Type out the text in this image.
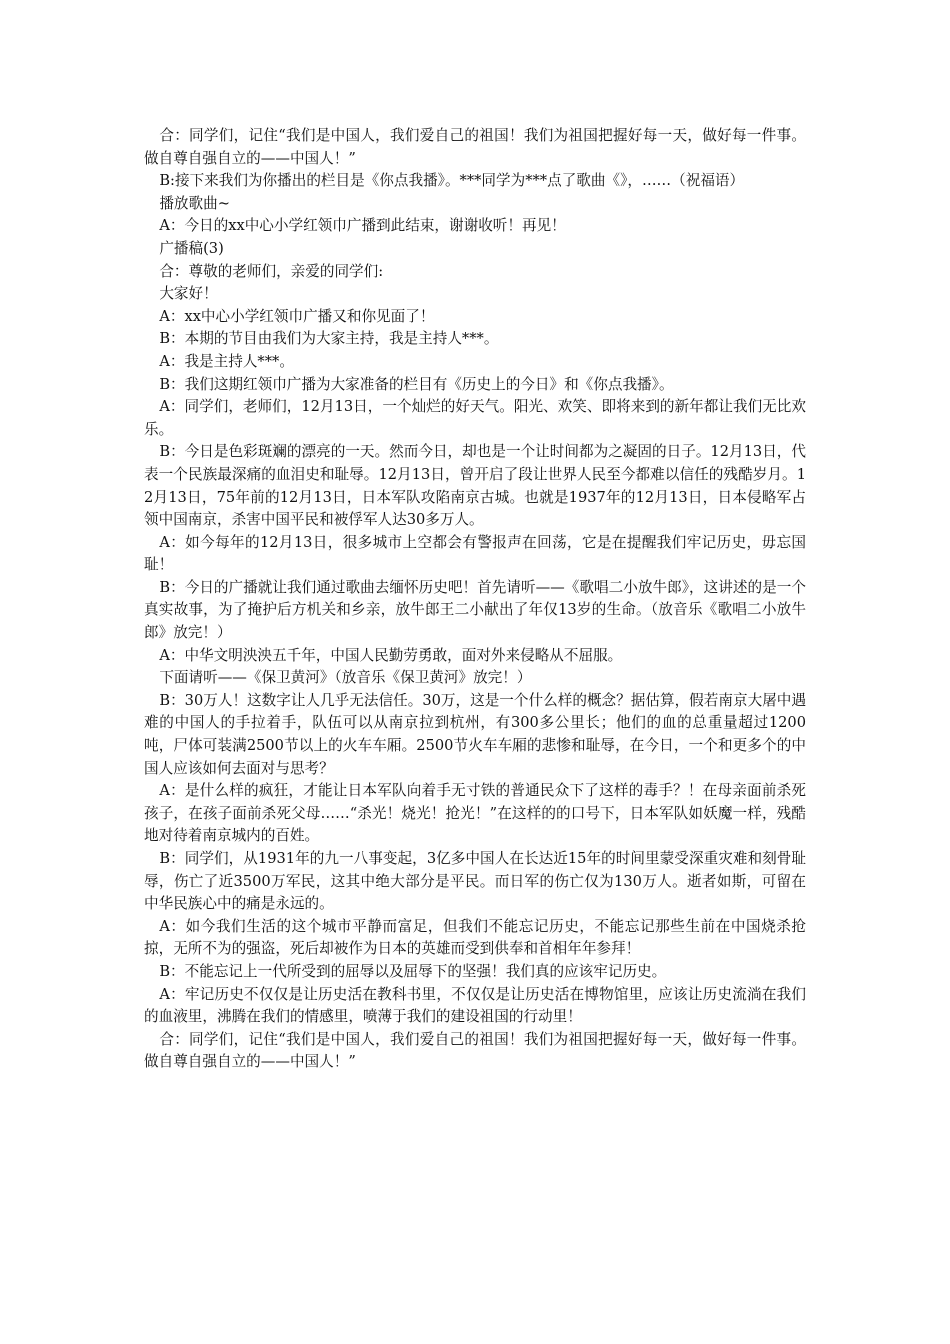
合：同学们，记住“我们是中国人，我们爱自己的祖国！我们为祖国把握好每一天，做好每一件事。做自尊自强自立的——中国人！”

B:接下来我们为你播出的栏目是《你点我播》。***同学为***点了歌曲《》，……（祝福语）

播放歌曲~

A：今日的xx中心小学红领巾广播到此结束，谢谢收听！再见！

广播稿(3)

合：尊敬的老师们，亲爱的同学们:

大家好！

A：xx中心小学红领巾广播又和你见面了！

B：本期的节目由我们为大家主持，我是主持人***。

A：我是主持人***。

B：我们这期红领巾广播为大家准备的栏目有《历史上的今日》和《你点我播》。

A：同学们，老师们，12月13日，一个灿烂的好天气。阳光、欢笑、即将来到的新年都让我们无比欢乐。

B：今日是色彩斑斓的漂亮的一天。然而今日，却也是一个让时间都为之凝固的日子。12月13日，代表一个民族最深痛的血泪史和耻辱。12月13日，曾开启了段让世界人民至今都难以信任的残酷岁月。12月13日，75年前的12月13日，日本军队攻陷南京古城。也就是1937年的12月13日，日本侵略军占领中国南京，杀害中国平民和被俘军人达30多万人。

A：如今每年的12月13日，很多城市上空都会有警报声在回荡，它是在提醒我们牢记历史，毋忘国耻！

B：今日的广播就让我们通过歌曲去缅怀历史吧！首先请听——《歌唱二小放牛郎》，这讲述的是一个真实故事，为了掩护后方机关和乡亲，放牛郎王二小献出了年仅13岁的生命。（放音乐《歌唱二小放牛郎》放完！）

A：中华文明泱泱五千年，中国人民勤劳勇敢，面对外来侵略从不屈服。

下面请听——《保卫黄河》（放音乐《保卫黄河》放完！）

B：30万人！这数字让人几乎无法信任。30万，这是一个什么样的概念？据估算，假若南京大屠中遇难的中国人的手拉着手，队伍可以从南京拉到杭州，有300多公里长；他们的血的总重量超过1200吨，尸体可装满2500节以上的火车车厢。2500节火车车厢的悲惨和耻辱，在今日，一个和更多个的中国人应该如何去面对与思考？

A：是什么样的疯狂，才能让日本军队向着手无寸铁的普通民众下了这样的毒手？！在母亲面前杀死孩子，在孩子面前杀死父母……“杀光！烧光！抢光！”在这样的的口号下，日本军队如妖魔一样，残酷地对待着南京城内的百姓。

B：同学们，从1931年的九一八事变起，3亿多中国人在长达近15年的时间里蒙受深重灾难和刻骨耻辱，伤亡了近3500万军民，这其中绝大部分是平民。而日军的伤亡仅为130万人。逝者如斯，可留在中华民族心中的痛是永远的。

A：如今我们生活的这个城市平静而富足，但我们不能忘记历史，不能忘记那些生前在中国烧杀抢掠，无所不为的强盗，死后却被作为日本的英雄而受到供奉和首相年年参拜！

B：不能忘记上一代所受到的屈辱以及屈辱下的坚强！我们真的应该牢记历史。

A：牢记历史不仅仅是让历史活在教科书里，不仅仅是让历史活在博物馆里，应该让历史流淌在我们的血液里，沸腾在我们的情感里，喷薄于我们的建设祖国的行动里！

合：同学们，记住“我们是中国人，我们爱自己的祖国！我们为祖国把握好每一天，做好每一件事。做自尊自强自立的——中国人！”
